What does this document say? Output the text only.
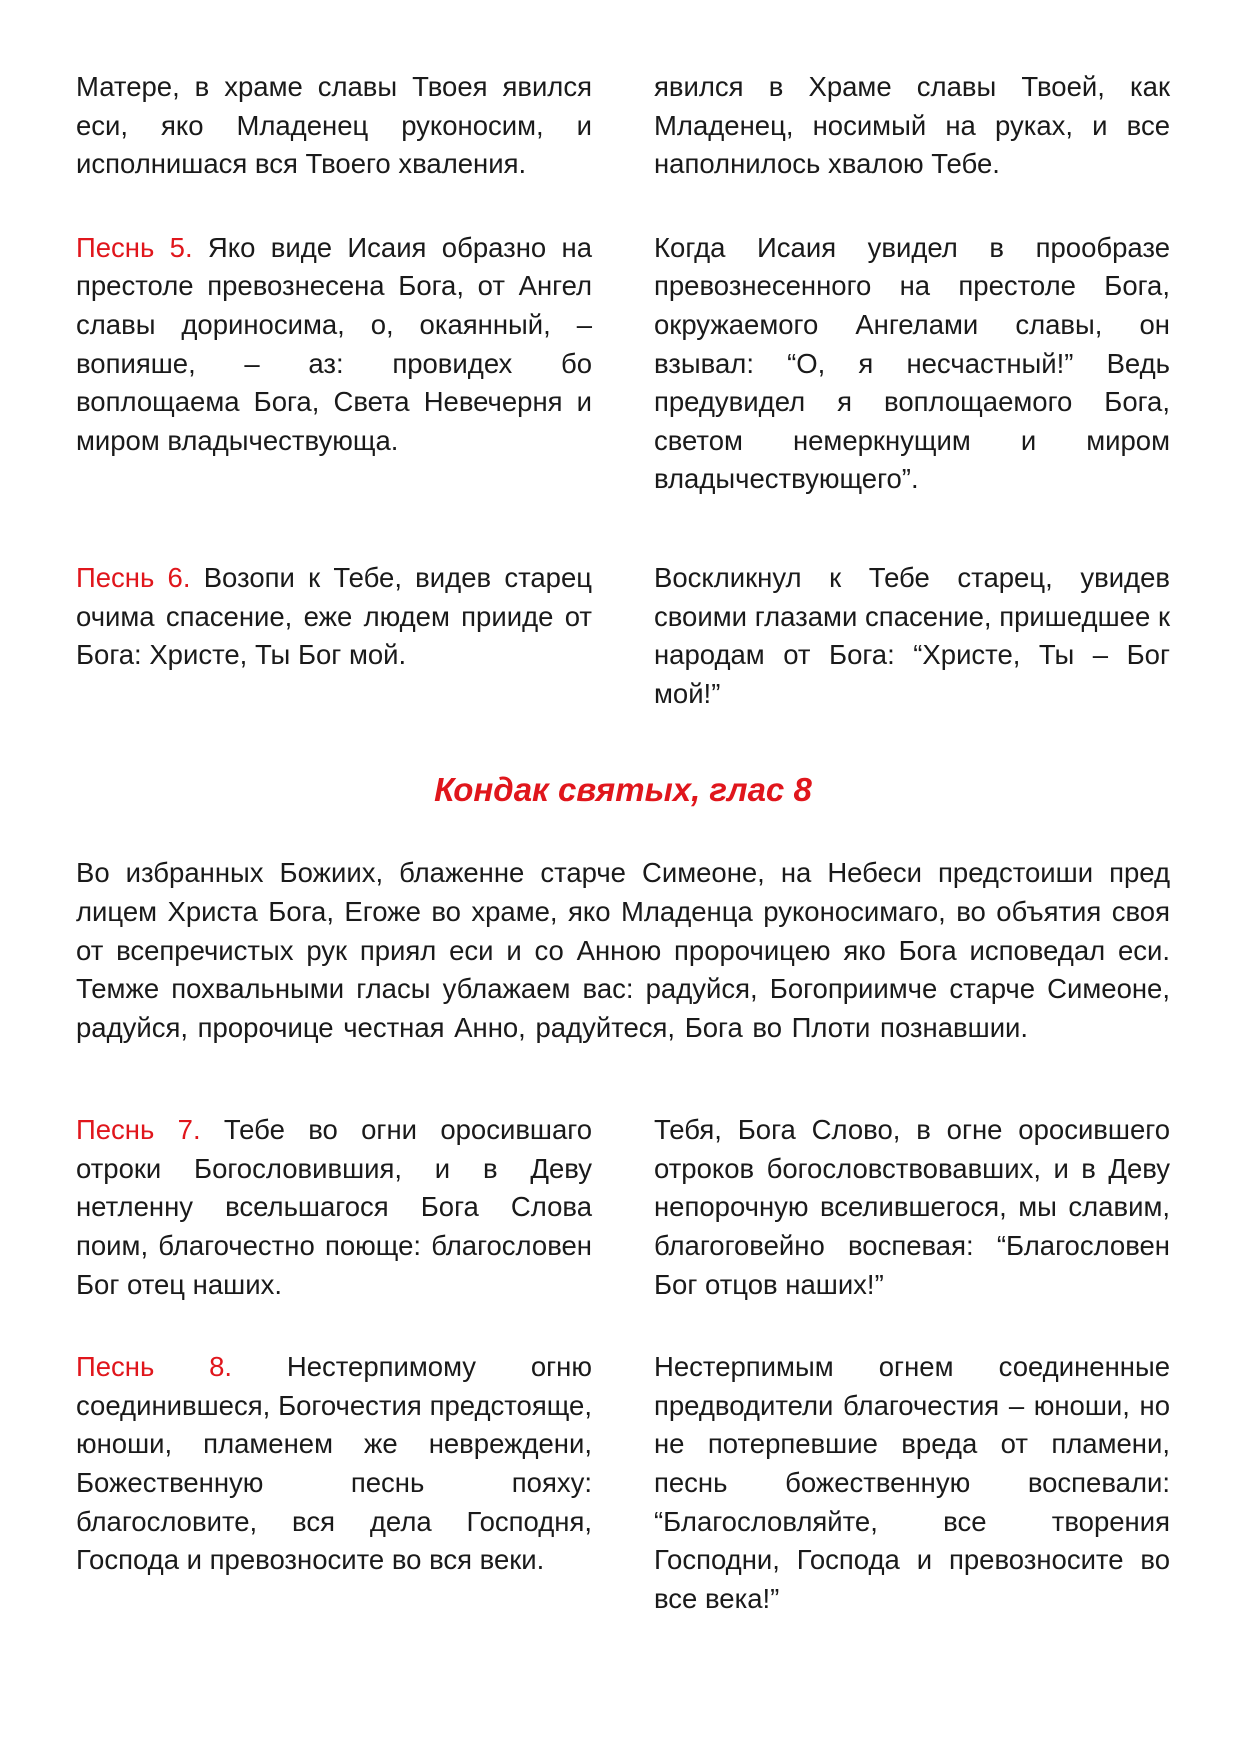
Матере, в храме славы Твоея явился еси, яко Младенец руконосим, и исполнишася вся Твоего хваления.

явился в Храме славы Твоей, как Младенец, носимый на руках, и все наполнилось хвалою Тебе.

Песнь 5. Яко виде Исаия образно на престоле превознесена Бога, от Ангел славы дориносима, о, окаянный, – вопияше, – аз: провидех бо воплощаема Бога, Света Невечерня и миром владычествующа.

Когда Исаия увидел в прообразе превознесенного на престоле Бога, окружаемого Ангелами славы, он взывал: “О, я несчастный!” Ведь предувидел я воплощаемого Бога, светом немеркнущим и миром владычествующего”.

Песнь 6. Возопи к Тебе, видев старец очима спасение, еже людем прииде от Бога: Христе, Ты Бог мой.

Воскликнул к Тебе старец, увидев своими глазами спасение, пришедшее к народам от Бога: “Христе, Ты – Бог мой!”

Кондак святых, глас 8

Во избранных Божиих, блаженне старче Симеоне, на Небеси предстоиши пред лицем Христа Бога, Егоже во храме, яко Младенца руконосимаго, во объятия своя от всепречистых рук приял еси и со Анною пророчицею яко Бога исповедал еси. Темже похвальными гласы ублажаем вас: радуйся, Богоприимче старче Симеоне, радуйся, пророчице честная Анно, радуйтеся, Бога во Плоти познавшии.

Песнь 7. Тебе во огни оросившаго отроки Богословившия, и в Деву нетленну всельшагося Бога Слова поим, благочестно поюще: благословен Бог отец наших.

Тебя, Бога Слово, в огне оросившего отроков богословствовавших, и в Деву непорочную вселившегося, мы славим, благоговейно воспевая: “Благословен Бог отцов наших!”

Песнь 8. Нестерпимому огню соединившеся, Богочестия предстояще, юноши, пламенем же невреждени, Божественную песнь пояху: благословите, вся дела Господня, Господа и превозносите во вся веки.

Нестерпимым огнем соединенные предводители благочестия – юноши, но не потерпевшие вреда от пламени, песнь божественную воспевали: “Благословляйте, все творения Господни, Господа и превозносите во все века!”
